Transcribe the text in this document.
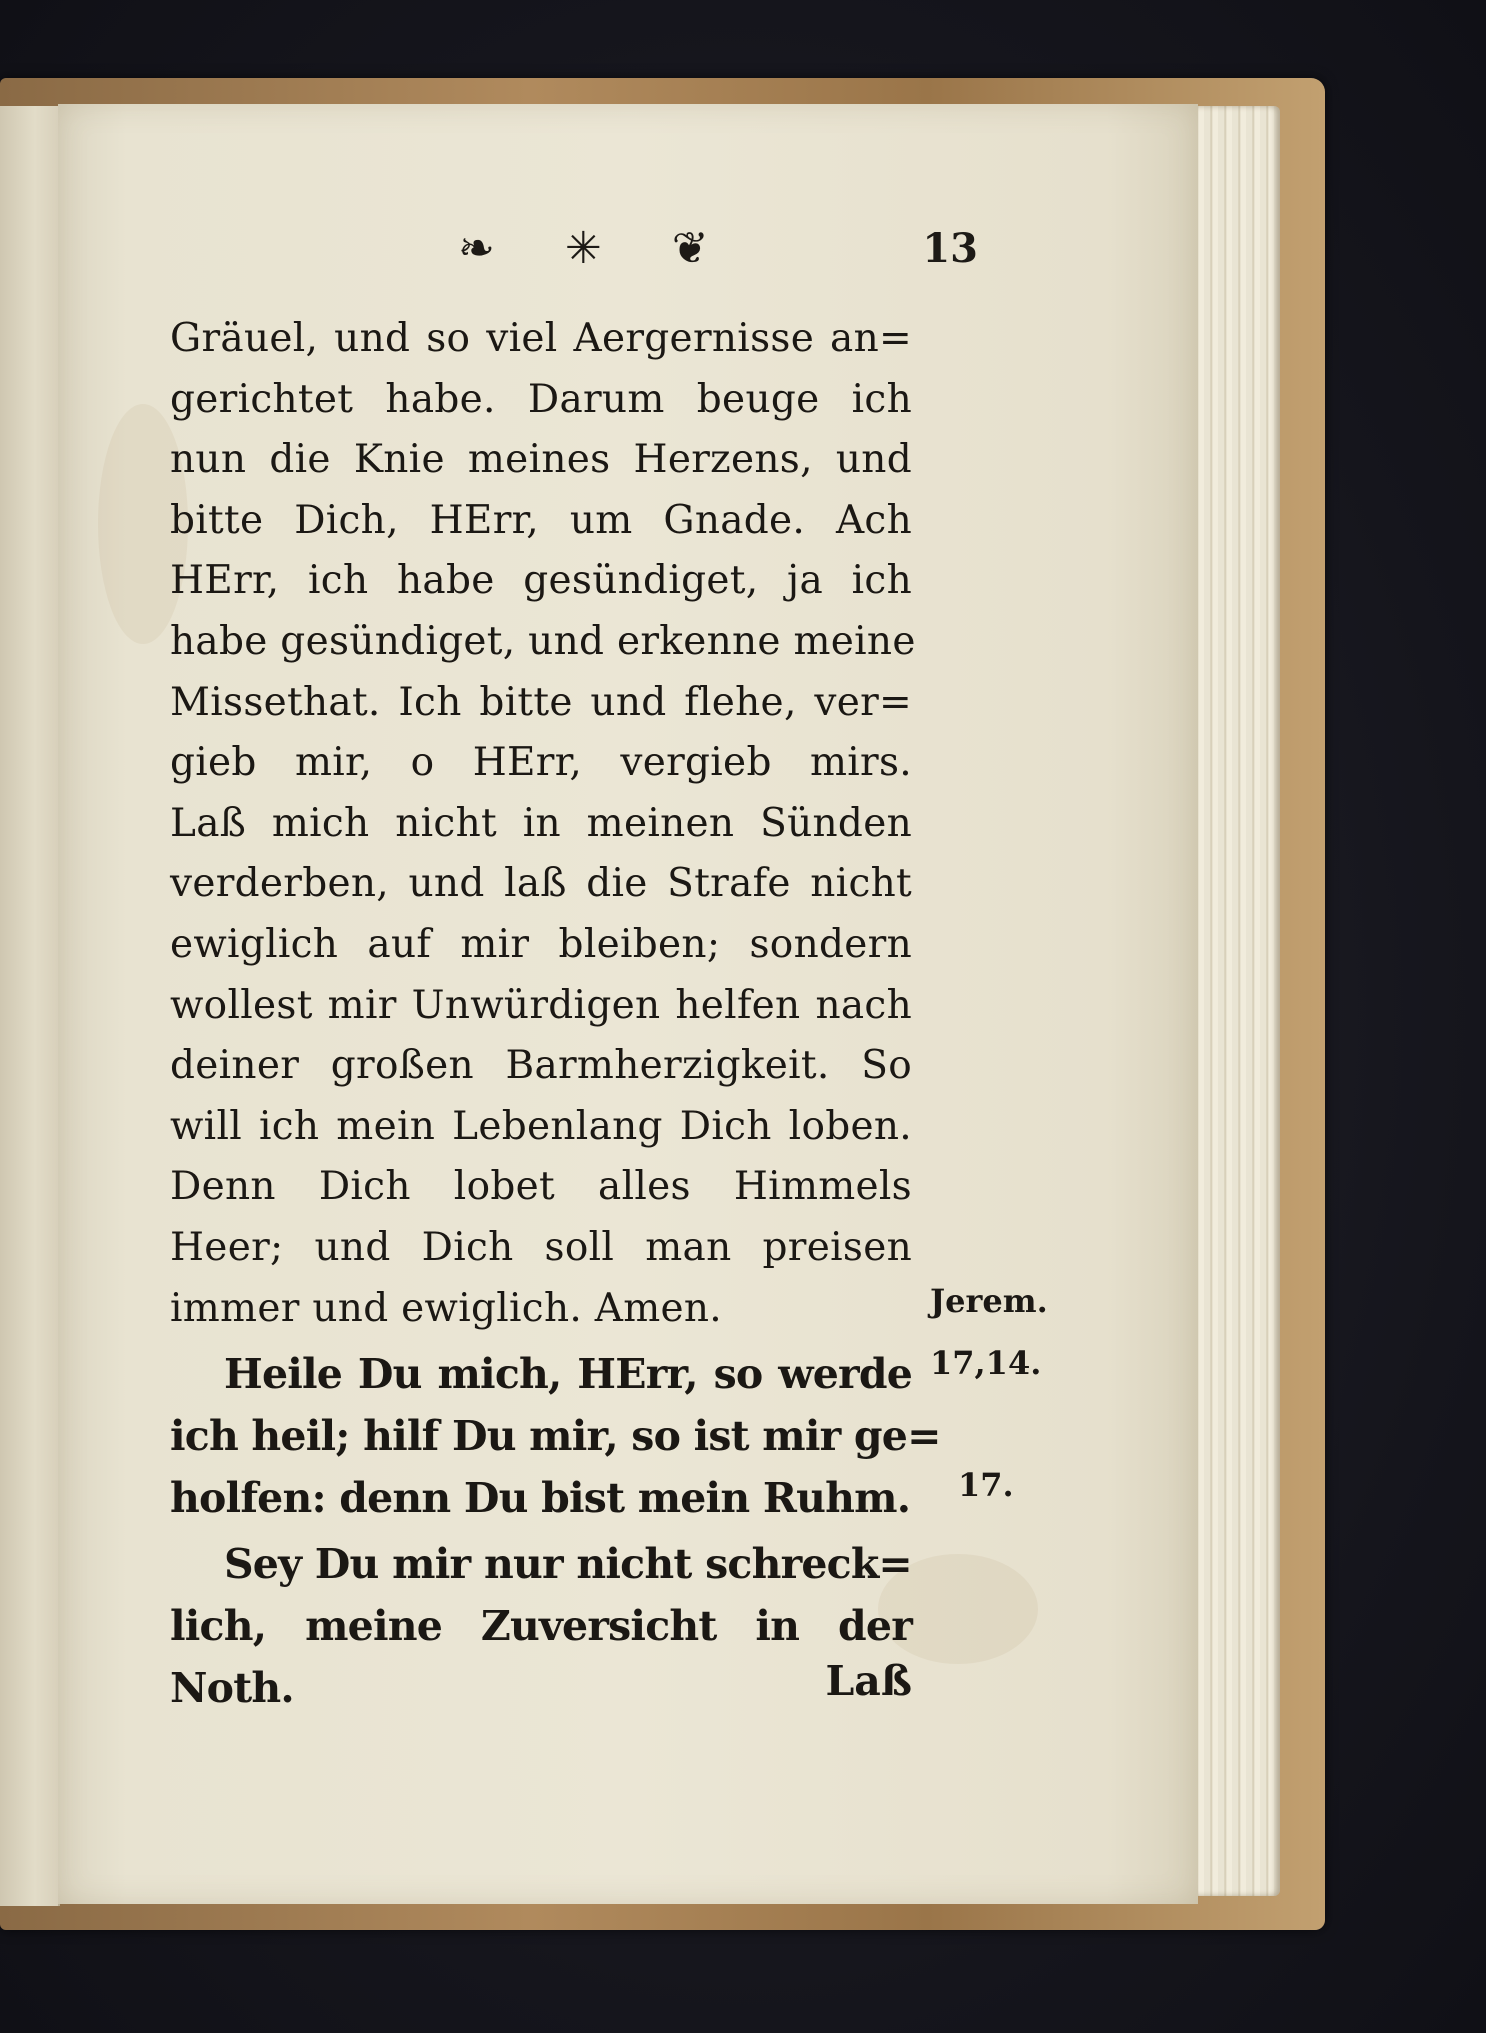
❧ ✳ ❦	13
Gräuel, und so viel Aergernisse an=
gerichtet habe. Darum beuge ich
nun die Knie meines Herzens, und
bitte Dich, HErr, um Gnade. Ach
HErr, ich habe gesündiget, ja ich
habe gesündiget, und erkenne meine
Missethat. Ich bitte und flehe, ver=
gieb mir, o HErr, vergieb mirs.
Laß mich nicht in meinen Sünden
verderben, und laß die Strafe nicht
ewiglich auf mir bleiben; sondern
wollest mir Unwürdigen helfen nach
deiner großen Barmherzigkeit. So
will ich mein Lebenlang Dich loben.
Denn Dich lobet alles Himmels
Heer; und Dich soll man preisen
immer und ewiglich. Amen.
Heile Du mich, HErr, so werde
ich heil; hilf Du mir, so ist mir ge=
holfen: denn Du bist mein Ruhm.
Sey Du mir nur nicht schreck=
lich, meine Zuversicht in der
Noth.	Laß
Jerem.
17,14.
17.
